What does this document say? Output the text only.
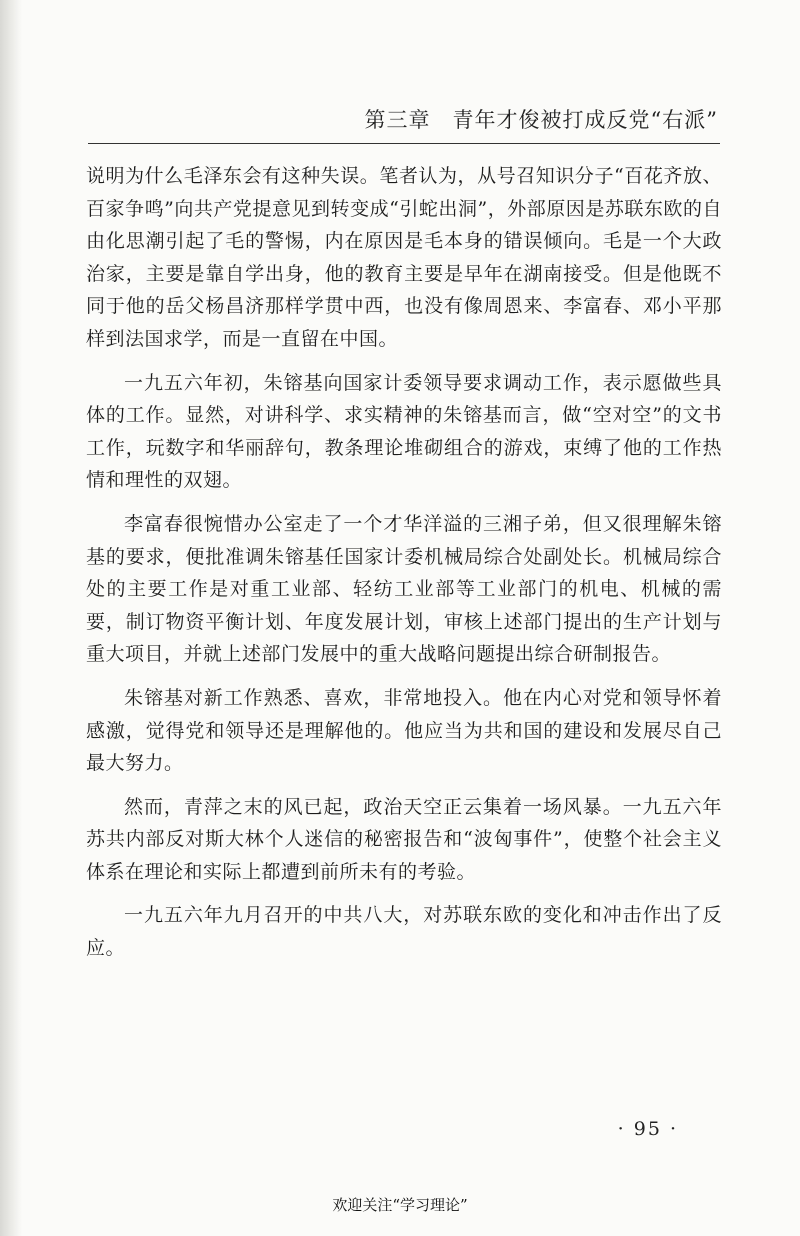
第三章　青年才俊被打成反党“右派”

说明为什么毛泽东会有这种失误。笔者认为，从号召知识分子“百花齐放、百家争鸣”向共产党提意见到转变成“引蛇出洞”，外部原因是苏联东欧的自由化思潮引起了毛的警惕，内在原因是毛本身的错误倾向。毛是一个大政治家，主要是靠自学出身，他的教育主要是早年在湖南接受。但是他既不同于他的岳父杨昌济那样学贯中西，也没有像周恩来、李富春、邓小平那样到法国求学，而是一直留在中国。

一九五六年初，朱镕基向国家计委领导要求调动工作，表示愿做些具体的工作。显然，对讲科学、求实精神的朱镕基而言，做“空对空”的文书工作，玩数字和华丽辞句，教条理论堆砌组合的游戏，束缚了他的工作热情和理性的双翅。

李富春很惋惜办公室走了一个才华洋溢的三湘子弟，但又很理解朱镕基的要求，便批准调朱镕基任国家计委机械局综合处副处长。机械局综合处的主要工作是对重工业部、轻纺工业部等工业部门的机电、机械的需要，制订物资平衡计划、年度发展计划，审核上述部门提出的生产计划与重大项目，并就上述部门发展中的重大战略问题提出综合研制报告。

朱镕基对新工作熟悉、喜欢，非常地投入。他在内心对党和领导怀着感激，觉得党和领导还是理解他的。他应当为共和国的建设和发展尽自己最大努力。

然而，青萍之末的风已起，政治天空正云集着一场风暴。一九五六年苏共内部反对斯大林个人迷信的秘密报告和“波匈事件”，使整个社会主义体系在理论和实际上都遭到前所未有的考验。

一九五六年九月召开的中共八大，对苏联东欧的变化和冲击作出了反应。

· 95 ·
欢迎关注“学习理论”
